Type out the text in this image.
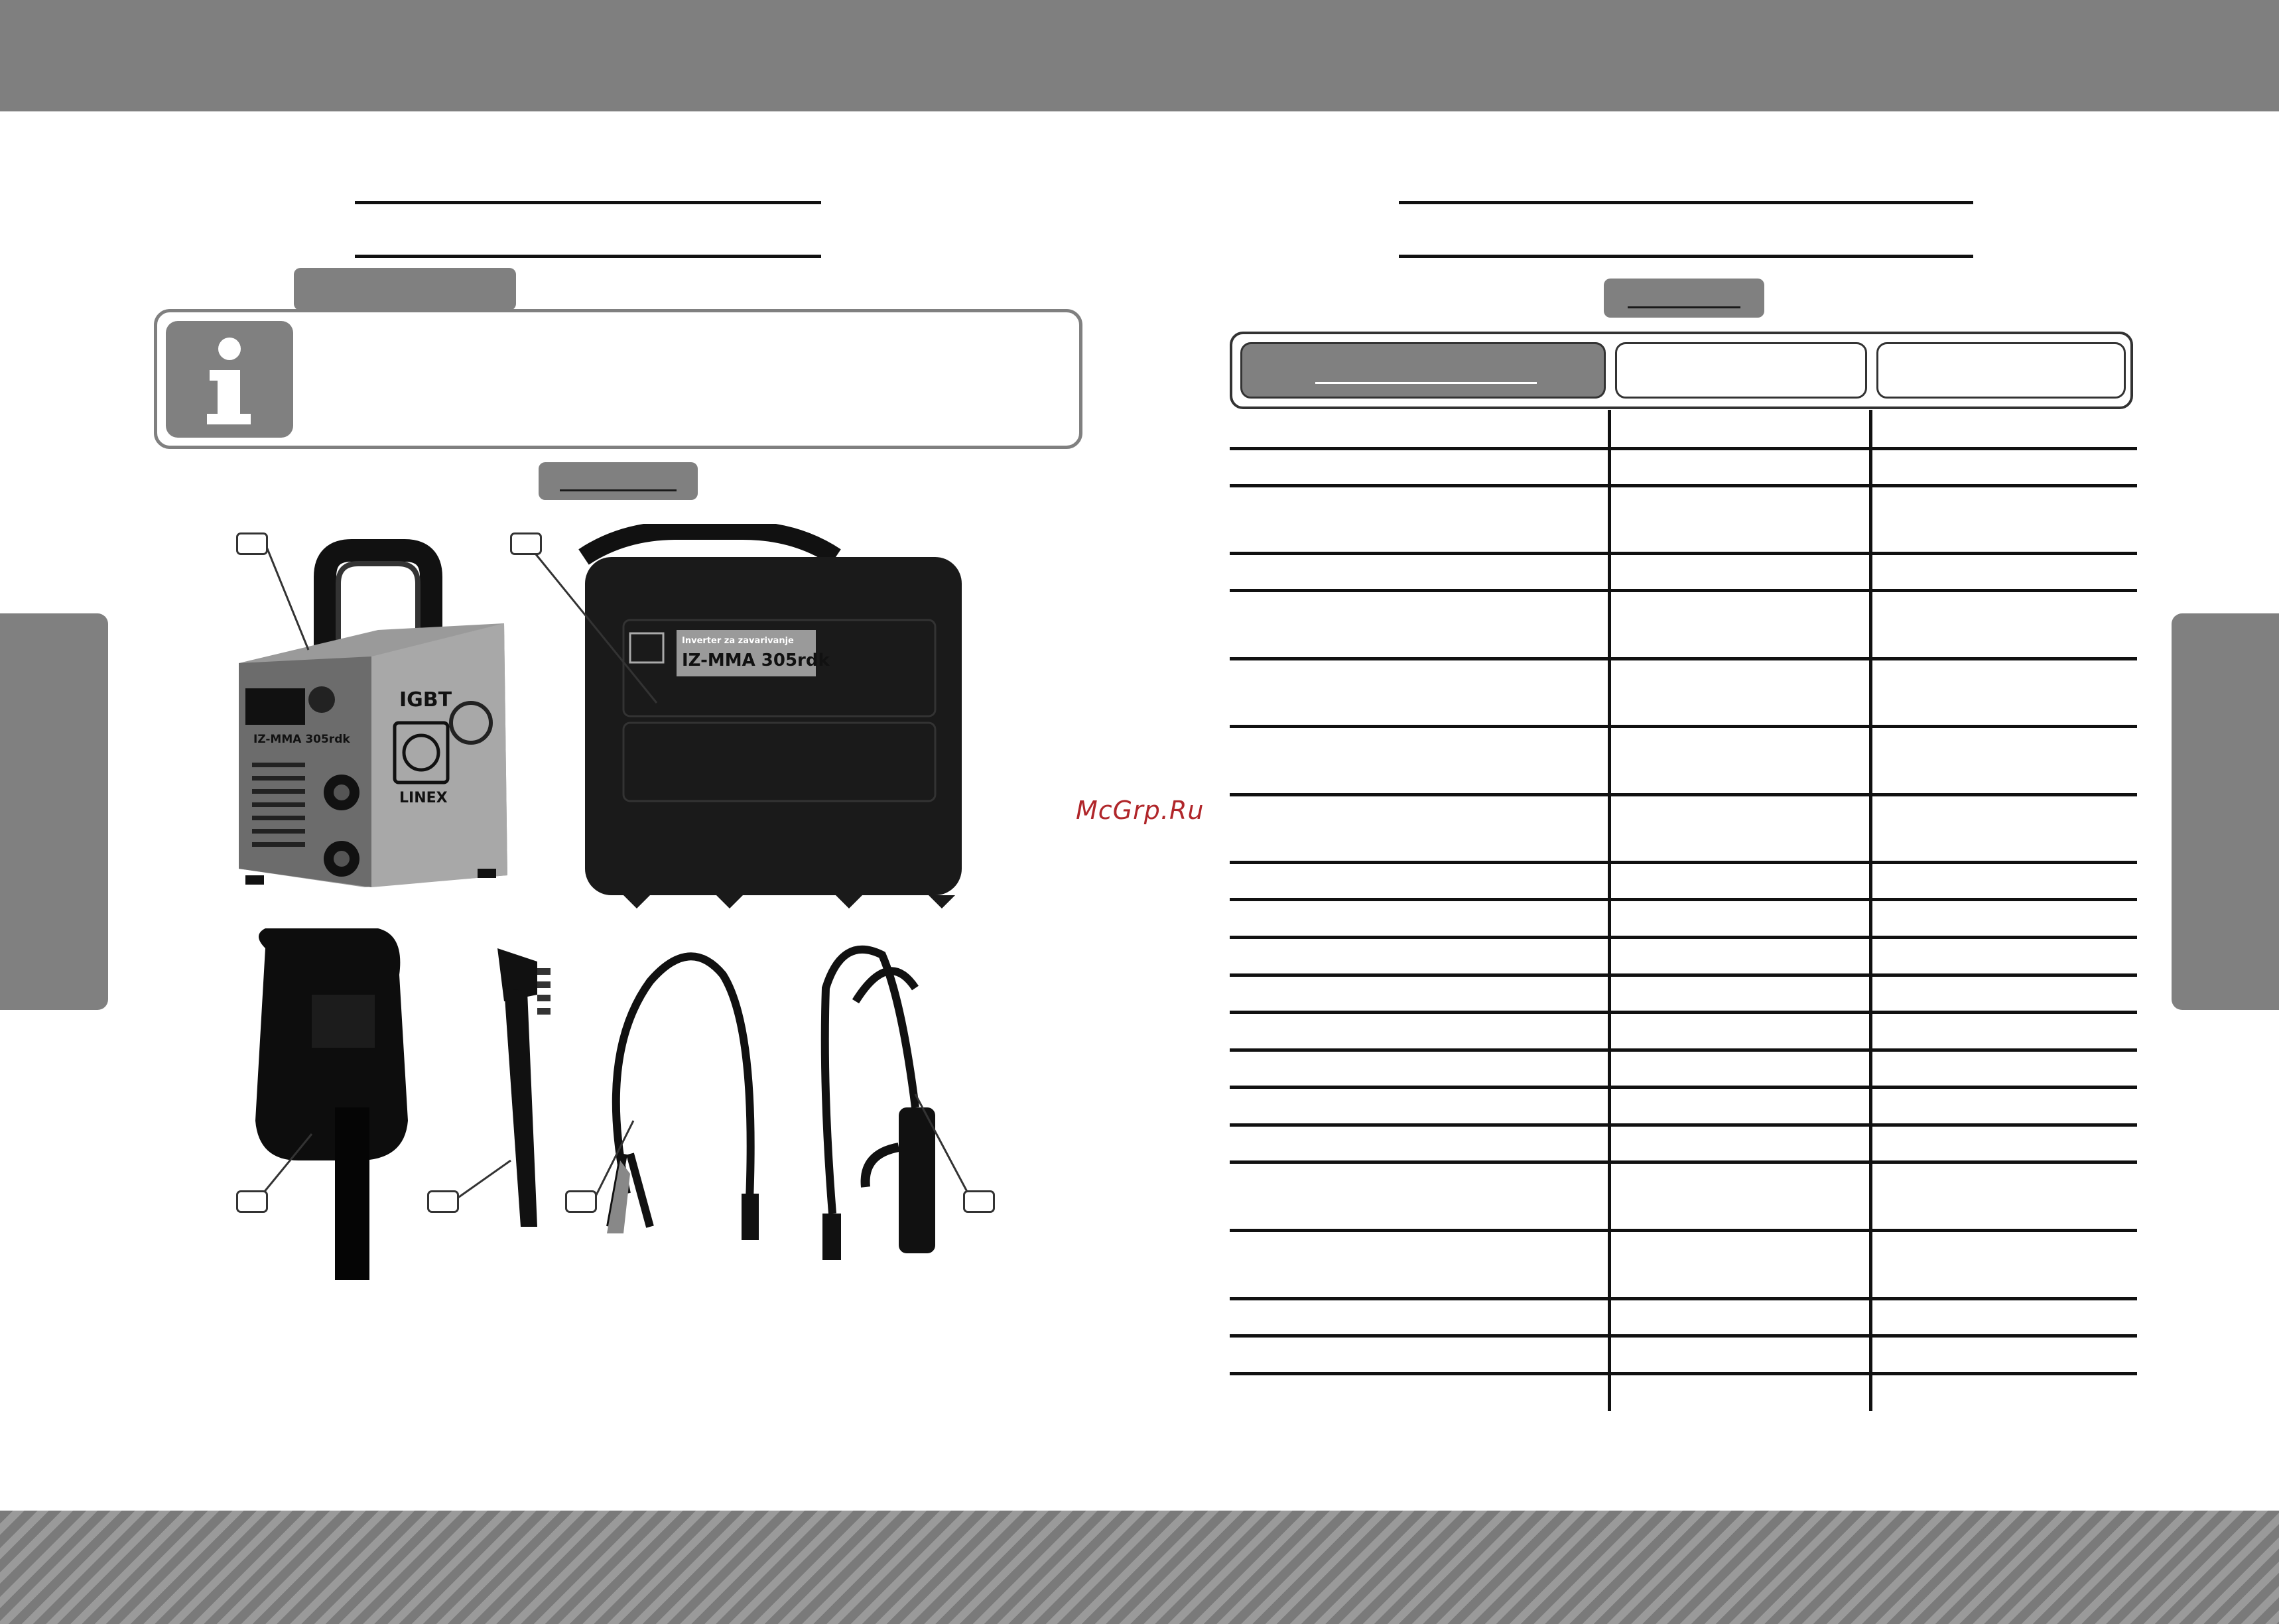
IZ-MMA 305rdk
IGBT
LINEX
Inverter za zavarivanje
IZ-MMA 305rdk
McGrp.Ru
